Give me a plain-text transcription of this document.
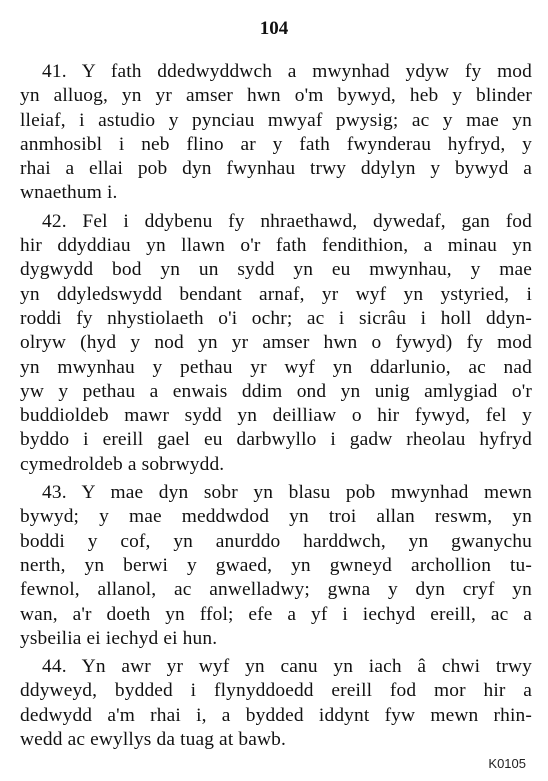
104
41. Y fath ddedwyddwch a mwynhad ydyw fy mod
yn alluog, yn yr amser hwn o'm bywyd, heb y blinder
lleiaf, i astudio y pynciau mwyaf pwysig; ac y mae yn
anmhosibl i neb flino ar y fath fwynderau hyfryd, y
rhai a ellai pob dyn fwynhau trwy ddylyn y bywyd a
wnaethum i.
42. Fel i ddybenu fy nhraethawd, dywedaf, gan fod
hir ddyddiau yn llawn o'r fath fendithion, a minau yn
dygwydd bod yn un sydd yn eu mwynhau, y mae
yn ddyledswydd bendant arnaf, yr wyf yn ystyried, i
roddi fy nhystiolaeth o'i ochr; ac i sicrâu i holl ddyn-
olryw (hyd y nod yn yr amser hwn o fywyd) fy mod
yn mwynhau y pethau yr wyf yn ddarlunio, ac nad
yw y pethau a enwais ddim ond yn unig amlygiad o'r
buddioldeb mawr sydd yn deilliaw o hir fywyd, fel y
byddo i ereill gael eu darbwyllo i gadw rheolau hyfryd
cymedroldeb a sobrwydd.
43. Y mae dyn sobr yn blasu pob mwynhad mewn
bywyd; y mae meddwdod yn troi allan reswm, yn
boddi y cof, yn anurddo harddwch, yn gwanychu
nerth, yn berwi y gwaed, yn gwneyd archollion tu-
fewnol, allanol, ac anwelladwy; gwna y dyn cryf yn
wan, a'r doeth yn ffol; efe a yf i iechyd ereill, ac a
ysbeilia ei iechyd ei hun.
44. Yn awr yr wyf yn canu yn iach â chwi trwy
ddyweyd, bydded i flynyddoedd ereill fod mor hir a
dedwydd a'm rhai i, a bydded iddynt fyw mewn rhin-
wedd ac ewyllys da tuag at bawb.
K0105
